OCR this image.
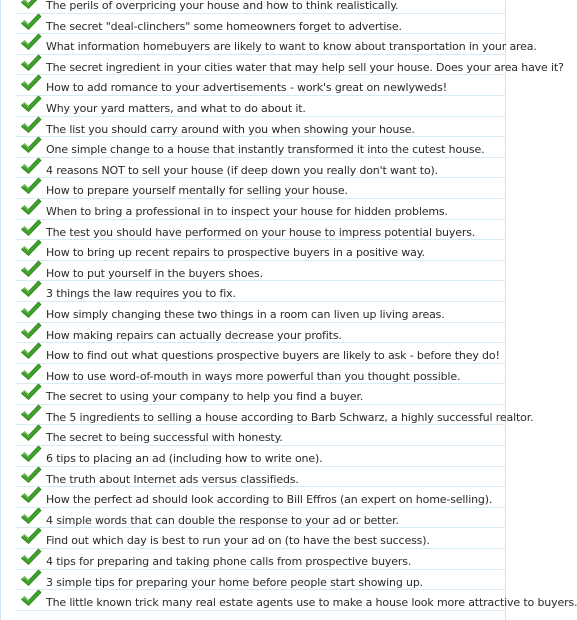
The perils of overpricing your house and how to think realistically.
The secret "deal-clinchers" some homeowners forget to advertise.
What information homebuyers are likely to want to know about transportation in your area.
The secret ingredient in your cities water that may help sell your house. Does your area have it?
How to add romance to your advertisements - work's great on newlyweds!
Why your yard matters, and what to do about it.
The list you should carry around with you when showing your house.
One simple change to a house that instantly transformed it into the cutest house.
4 reasons NOT to sell your house (if deep down you really don't want to).
How to prepare yourself mentally for selling your house.
When to bring a professional in to inspect your house for hidden problems.
The test you should have performed on your house to impress potential buyers.
How to bring up recent repairs to prospective buyers in a positive way.
How to put yourself in the buyers shoes.
3 things the law requires you to fix.
How simply changing these two things in a room can liven up living areas.
How making repairs can actually decrease your profits.
How to find out what questions prospective buyers are likely to ask - before they do!
How to use word-of-mouth in ways more powerful than you thought possible.
The secret to using your company to help you find a buyer.
The 5 ingredients to selling a house according to Barb Schwarz, a highly successful realtor.
The secret to being successful with honesty.
6 tips to placing an ad (including how to write one).
The truth about Internet ads versus classifieds.
How the perfect ad should look according to Bill Effros (an expert on home-selling).
4 simple words that can double the response to your ad or better.
Find out which day is best to run your ad on (to have the best success).
4 tips for preparing and taking phone calls from prospective buyers.
3 simple tips for preparing your home before people start showing up.
The little known trick many real estate agents use to make a house look more attractive to buyers.
